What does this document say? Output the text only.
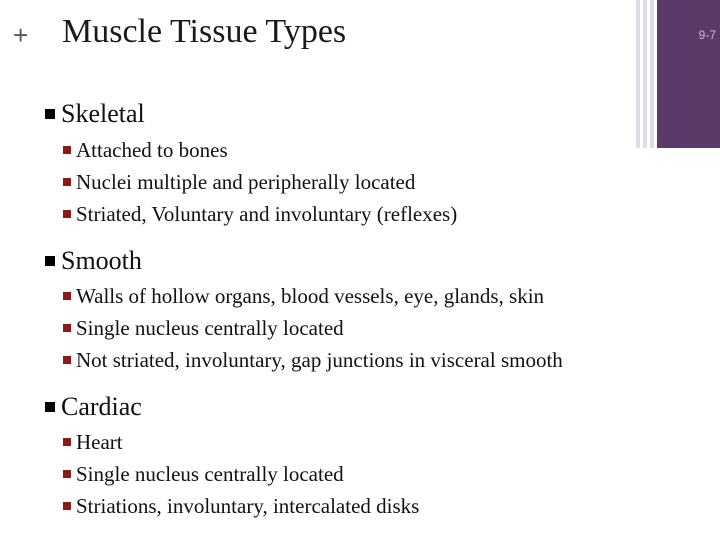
+ Muscle Tissue Types	9-7
Skeletal
Attached to bones
Nuclei multiple and peripherally located
Striated, Voluntary and involuntary (reflexes)
Smooth
Walls of hollow organs, blood vessels, eye, glands, skin
Single nucleus centrally located
Not striated, involuntary, gap junctions in visceral smooth
Cardiac
Heart
Single nucleus centrally located
Striations, involuntary, intercalated disks
